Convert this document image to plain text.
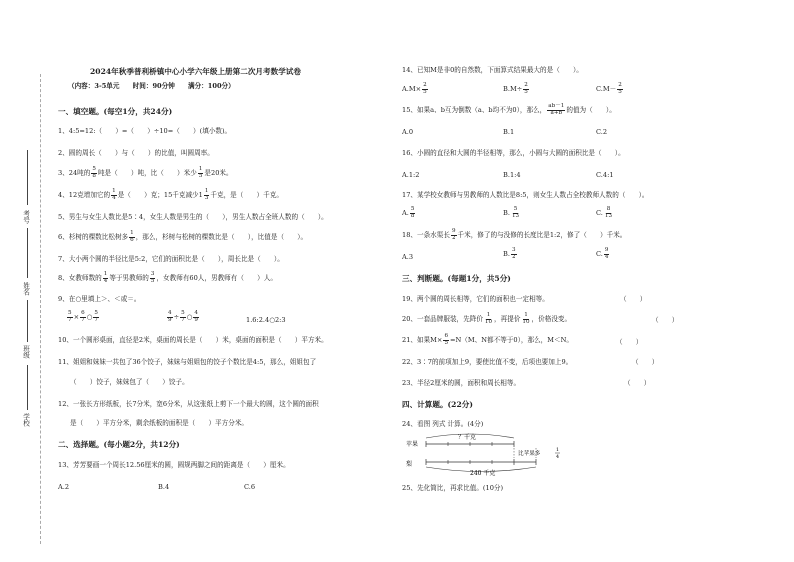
考号
姓名
班级
学校
2024年秋季普利桥镇中心小学六年级上册第二次月考数学试卷
（内容：3-5单元　　时间：90分钟　　满分：100分）
一、填空题。(每空1分，共24分)
1、4:5=12:（　　）=（　　）÷10=（　　）(填小数)。
2、圆的周长（　　）与（　　）的比值，叫圆周率。
3、24吨的 $\frac{5}{8}$ 吨是（　　）吨，比（　　）米少 $\frac{1}{5}$ 是20米。
4、12克增加它的 $\frac{1}{4}$ 是（　　）克；15千克减少 $1 \frac{1}{3}$ 千克，是（　　）千克。
5、男生与女生人数比是5∶4，女生人数是男生的（　　），男生人数占全班人数的（　　）。
6、杉树的棵数比松树多 $\frac{1}{6}$ ，那么，杉树与松树的棵数比是（　　），比值是（　　）。
7、大小两个圆的半径比是5:2，它们的面积比是（　　），周长比是（　　）。
8、女教师数的 $\frac{1}{4}$ 等于男教师的 $\frac{3}{5}$ ，女教师有60人，男教师有（　　）人。
9、在○里填上＞、＜或＝。
$\frac{5}{7} \times \frac{6}{7}$ ○ $\frac{5}{7}$	$\frac{4}{9} \div \frac{5}{7}$ ○ $\frac{4}{9}$	1.6:2.4○2:3
10、一个圆形桌面，直径是2米，桌面的周长是（　　）米，桌面的面积是（　　）平方米。
11、姐姐和妹妹一共包了36个饺子，妹妹与姐姐包的饺子个数比是4:5，那么，姐姐包了
（　　）饺子，妹妹包了（　　）饺子。
12、一张长方形纸板，长7分米，宽6分米，从这张纸上剪下一个最大的圆，这个圆的面积
是（　　）平方分米，剩余纸板的面积是（　　）平方分米。
二、选择题。(每小题2分，共12分)
13、芳芳要画一个周长12.56厘米的圆，圆规两脚之间的距离是（　　）厘米。
A.2	B.4	C.6
14、已知M是非0的自然数，下面算式结果最大的是（　　）。
$A.M\times \frac{2}{5}$	$B.M\div \frac{2}{5}$	$C.M- \frac{2}{5}$
15、如果a、b互为倒数（a、b均不为0），那么， $\frac{ab-1}{a+b}$ 的值为（　　）。
A.0	B.1	C.2
16、小圆的直径和大圆的半径相等，那么，小圆与大圆的面积比是（　　）。
A.1:2	B.1:4	C.4:1
17、某学校女教师与男教师的人数比是8:5，则女生人数占全校教师人数的（　　）。
A. $\frac{5}{8}$	B. $\frac{5}{13}$	C. $\frac{8}{13}$
18、一条水渠长 $\frac{9}{2}$ 千米，修了的与没修的长度比是1:2，修了（　　）千米。
A.3	B. $\frac{3}{2}$	C. $\frac{9}{4}$
三、判断题。(每题1分，共5分)
19、两个圆的周长相等，它们的面积也一定相等。	（　　）
20、一套品牌服装，先降价 $\frac{1}{10}$ ，再提价 $\frac{1}{10}$ ，价格没变。	（　　）
21、如果$M\times \frac{6}{5} =N(M$、N都不等于0），那么，M＜N。	（　　）
22、3∶7的前项加上9，要使比值不变，后项也要加上9。	（　　）
23、半径2厘米的圆，面积和周长相等。	（　　）
四、计算题。(22分)
24、看图 列式 计算。(4分)
苹果
梨
？千克
比苹果多
1
4
240 千克
25、先化简比，再求比值。(10分)
